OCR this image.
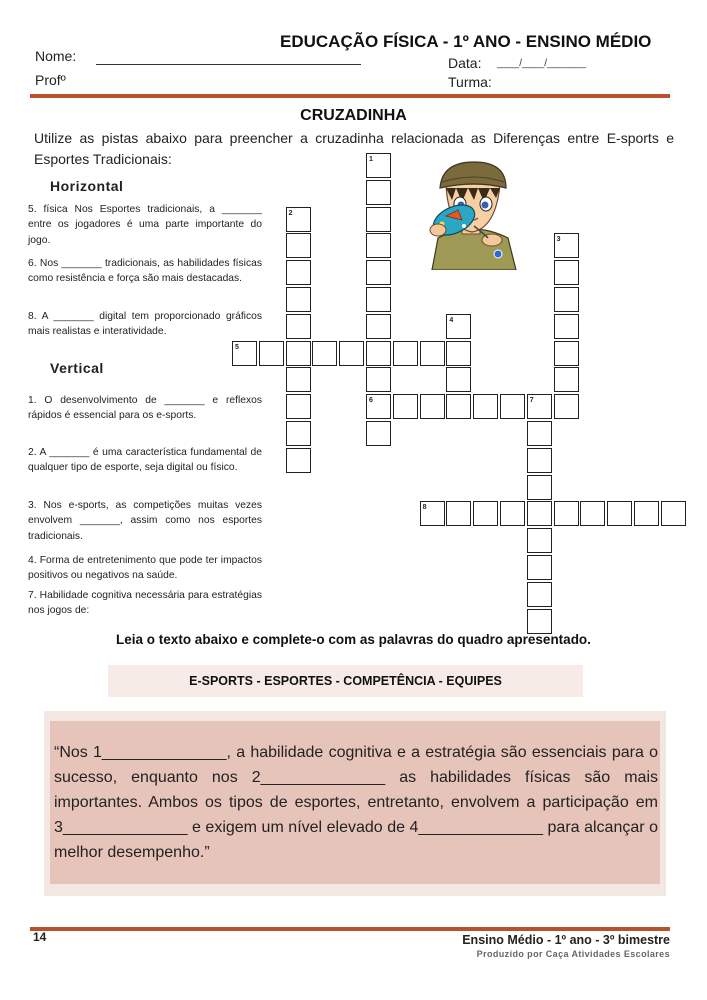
EDUCAÇÃO FÍSICA - 1º ANO - ENSINO MÉDIO
Nome:
Profº
Data: ____/____/_______
Turma:
CRUZADINHA
Utilize as pistas abaixo para preencher a cruzadinha relacionada as Diferenças entre E-sports e Esportes Tradicionais:
Horizontal
5. física Nos Esportes tradicionais, a _______ entre os jogadores é uma parte importante do jogo.
6. Nos _______ tradicionais, as habilidades físicas como resistência e força são mais destacadas.
8. A _______ digital tem proporcionado gráficos mais realistas e interatividade.
Vertical
1. O desenvolvimento de _______ e reflexos rápidos é essencial para os e-sports.
2. A _______ é uma característica fundamental de qualquer tipo de esporte, seja digital ou físico.
3. Nos e-sports, as competições muitas vezes envolvem _______, assim como nos esportes tradicionais.
4. Forma de entretenimento que pode ter impactos positivos ou negativos na saúde.
7. Habilidade cognitiva necessária para estratégias nos jogos de:
1
2
3
4
5
6	7
8
Leia o texto abaixo e complete-o com as palavras do quadro apresentado.
E-SPORTS - ESPORTES - COMPETÊNCIA - EQUIPES
“Nos 1______________, a habilidade cognitiva e a estratégia são essenciais para o sucesso, enquanto nos 2______________ as habilidades físicas são mais importantes. Ambos os tipos de esportes, entretanto, envolvem a participação em 3______________ e exigem um nível elevado de 4______________ para alcançar o melhor desempenho.”
14	Ensino Médio - 1º ano - 3º bimestre
Produzido por Caça Atividades Escolares
